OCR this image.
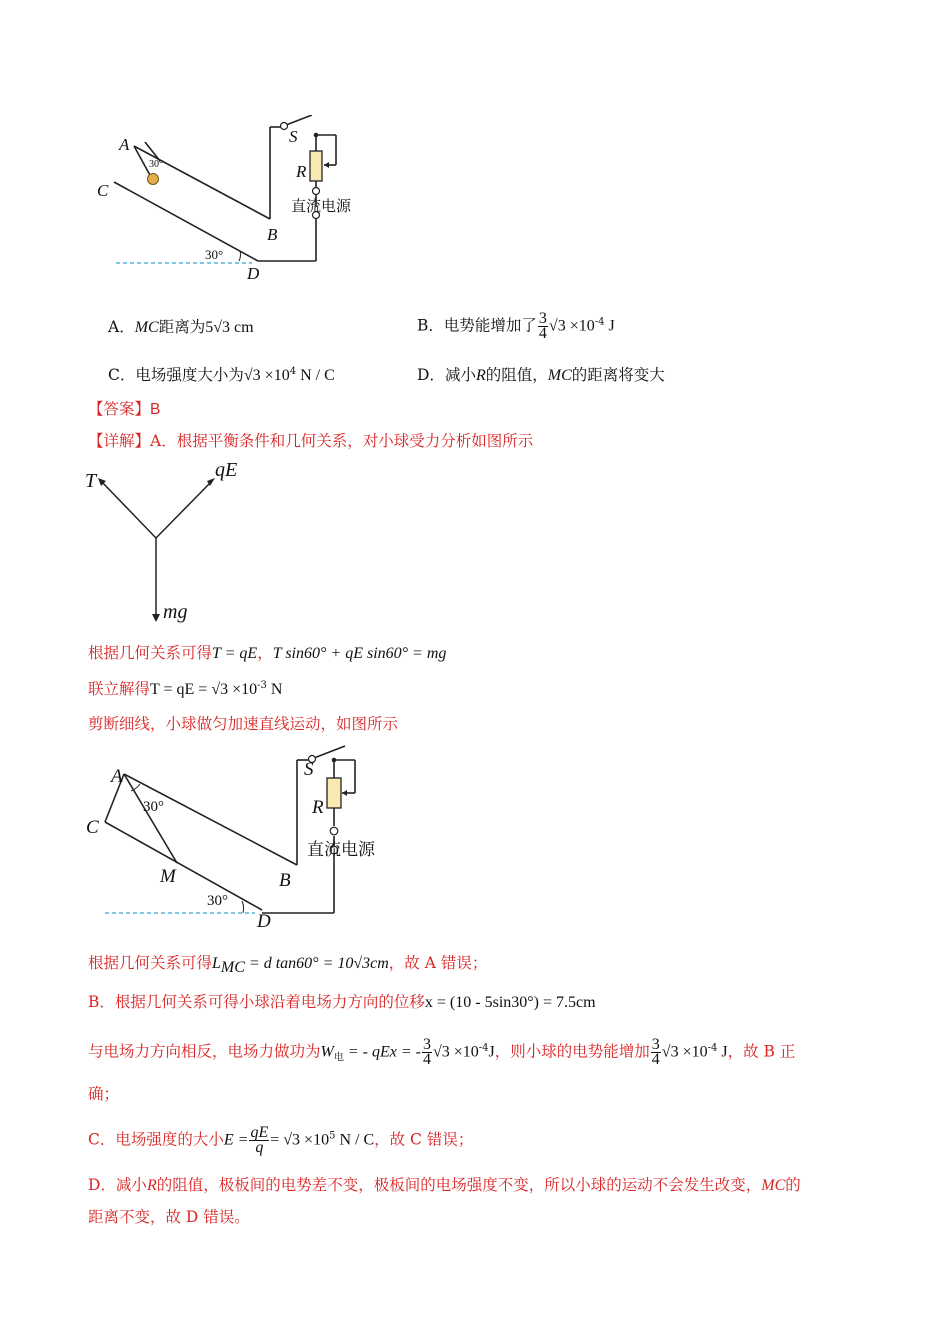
A
C
B
D
S
R
30°
30°
直流电源
A．MC距离为5√3 cm	B．电势能增加了 $\frac{3}{4} √3 \times 10^{-4}$ J
C．电场强度大小为$√3 \times 10^4$ N / C	D．减小R的阻值，MC的距离将变大
【答案】B
【详解】A．根据平衡条件和几何关系，对小球受力分析如图所示
T	qE
mg
根据几何关系可得T = qE，T sin60° + qE sin60° = mg
联立解得T = qE = $√3 \times 10^{-3}$ N
剪断细线，小球做匀加速直线运动，如图所示
A
C
M	B
D
S
R
30°
30°
直流电源
根据几何关系可得$L_{MC} = d$ tan60° = 10√3cm，故 A 错误；
B．根据几何关系可得小球沿着电场力方向的位移x = (10 - 5sin30°) = 7.5cm
与电场力方向相反，电场力做功为$W_电$ = - qEx = - $\frac{3}{4} √3 \times 10^{-4}J$，则小球的电势能增加 $\frac{3}{4} √3 \times 10^{-4}$ J，故 B 正
确；
C．电场强度的大小$E = \frac{qE}{q} = √3 \times 10^5$ N / C，故 C 错误；
D．减小R的阻值，极板间的电势差不变，极板间的电场强度不变，所以小球的运动不会发生改变，MC的
距离不变，故 D 错误。
